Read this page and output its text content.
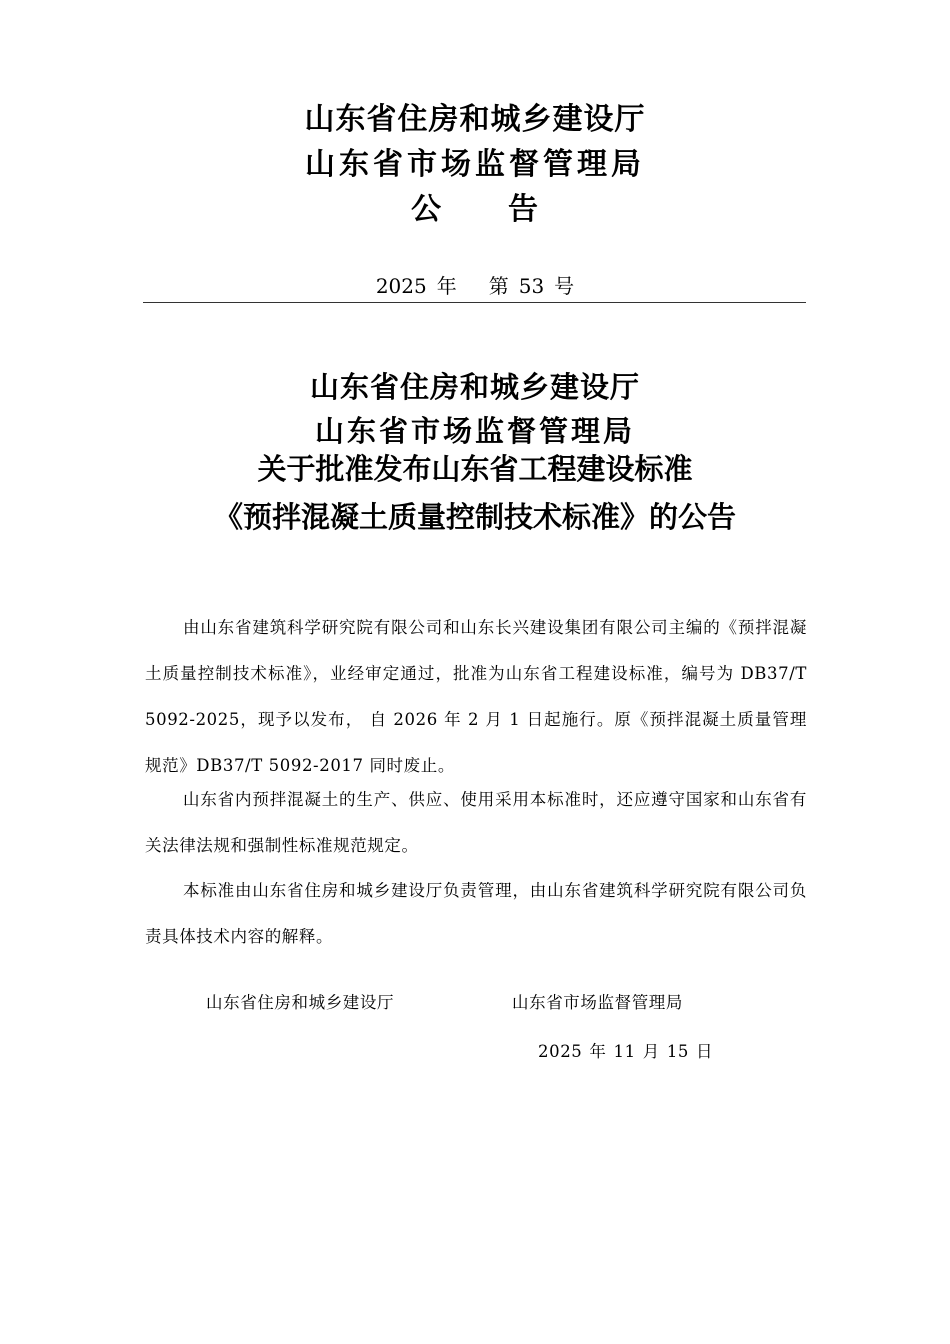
山东省住房和城乡建设厅
山东省市场监督管理局
公 告
2025 年 第 53 号
山东省住房和城乡建设厅
山东省市场监督管理局
关于批准发布山东省工程建设标准
《预拌混凝土质量控制技术标准》的公告

由山东省建筑科学研究院有限公司和山东长兴建设集团有限公司主编的《预拌混凝土质量控制技术标准》，业经审定通过，批准为山东省工程建设标准，编号为 DB37/T 5092-2025，现予以发布， 自 2026 年 2 月 1 日起施行。原《预拌混凝土质量管理规范》DB37/T 5092-2017 同时废止。

山东省内预拌混凝土的生产、供应、使用采用本标准时，还应遵守国家和山东省有关法律法规和强制性标准规范规定。

本标准由山东省住房和城乡建设厅负责管理，由山东省建筑科学研究院有限公司负责具体技术内容的解释。

山东省住房和城乡建设厅	山东省市场监督管理局
2025 年 11 月 15 日
